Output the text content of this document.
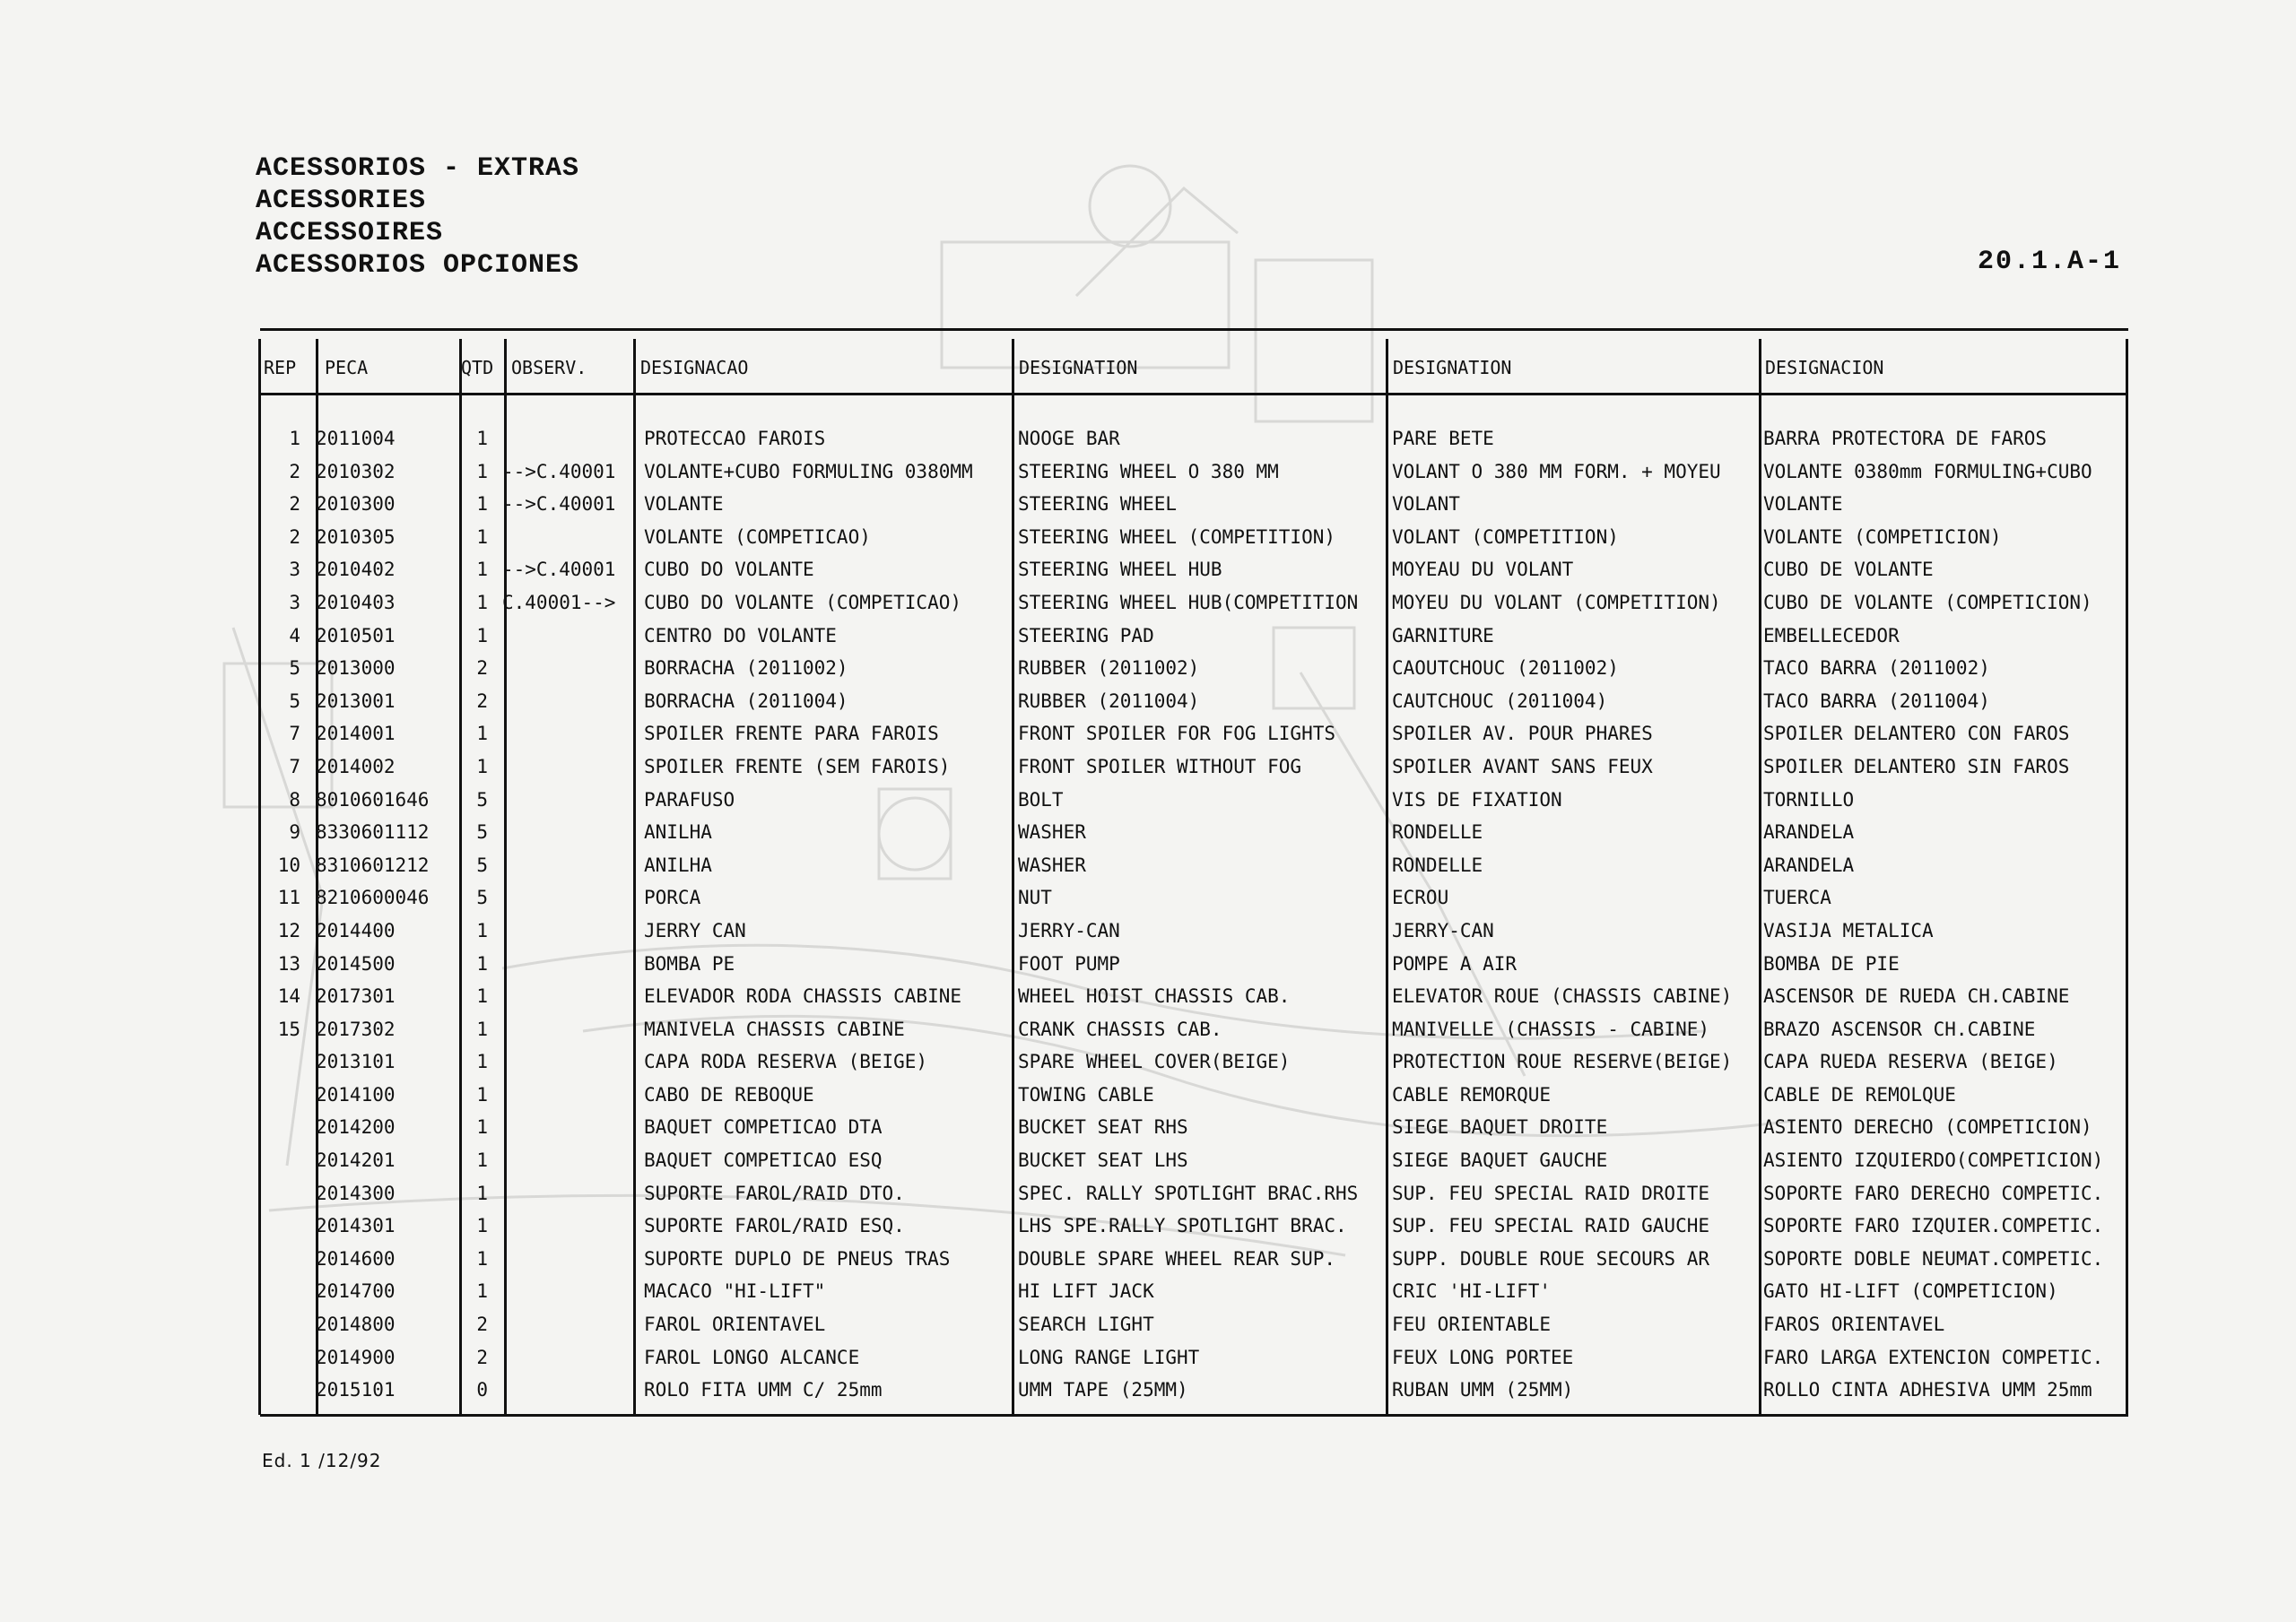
ACESSORIOS - EXTRAS
ACESSORIES
ACCESSOIRES
ACESSORIOS OPCIONES	20.1.A-1
REP PECA	QTD OBSERV.	DESIGNACAO	DESIGNATION	DESIGNATION	DESIGNACION
1 2011004	1	PROTECCAO FAROIS	NOOGE BAR	PARE BETE	BARRA PROTECTORA DE FAROS
2 2010302	1 -->C.40001	VOLANTE+CUBO FORMULING 0380MM	STEERING WHEEL O 380 MM	VOLANT O 380 MM FORM. + MOYEU	VOLANTE 0380mm FORMULING+CUBO
2 2010300	1 -->C.40001	VOLANTE	STEERING WHEEL	VOLANT	VOLANTE
2 2010305	1	VOLANTE (COMPETICAO)	STEERING WHEEL (COMPETITION)	VOLANT (COMPETITION)	VOLANTE (COMPETICION)
3 2010402	1 -->C.40001	CUBO DO VOLANTE	STEERING WHEEL HUB	MOYEAU DU VOLANT	CUBO DE VOLANTE
3 2010403	1 C.40001-->	CUBO DO VOLANTE (COMPETICAO)	STEERING WHEEL HUB(COMPETITION	MOYEU DU VOLANT (COMPETITION)	CUBO DE VOLANTE (COMPETICION)
4 2010501	1	CENTRO DO VOLANTE	STEERING PAD	GARNITURE	EMBELLECEDOR
5 2013000	2	BORRACHA (2011002)	RUBBER (2011002)	CAOUTCHOUC (2011002)	TACO BARRA (2011002)
5 2013001	2	BORRACHA (2011004)	RUBBER (2011004)	CAUTCHOUC (2011004)	TACO BARRA (2011004)
7 2014001	1	SPOILER FRENTE PARA FAROIS	FRONT SPOILER FOR FOG LIGHTS	SPOILER AV. POUR PHARES	SPOILER DELANTERO CON FAROS
7 2014002	1	SPOILER FRENTE (SEM FAROIS)	FRONT SPOILER WITHOUT FOG	SPOILER AVANT SANS FEUX	SPOILER DELANTERO SIN FAROS
8 8010601646	5	PARAFUSO	BOLT	VIS DE FIXATION	TORNILLO
9 8330601112	5	ANILHA	WASHER	RONDELLE	ARANDELA
10 8310601212	5	ANILHA	WASHER	RONDELLE	ARANDELA
11 8210600046	5	PORCA	NUT	ECROU	TUERCA
12 2014400	1	JERRY CAN	JERRY-CAN	JERRY-CAN	VASIJA METALICA
13 2014500	1	BOMBA PE	FOOT PUMP	POMPE A AIR	BOMBA DE PIE
14 2017301	1	ELEVADOR RODA CHASSIS CABINE	WHEEL HOIST CHASSIS CAB.	ELEVATOR ROUE (CHASSIS CABINE)	ASCENSOR DE RUEDA CH.CABINE
15 2017302	1	MANIVELA CHASSIS CABINE	CRANK CHASSIS CAB.	MANIVELLE (CHASSIS - CABINE)	BRAZO ASCENSOR CH.CABINE
2013101	1	CAPA RODA RESERVA (BEIGE)	SPARE WHEEL COVER(BEIGE)	PROTECTION ROUE RESERVE(BEIGE)	CAPA RUEDA RESERVA (BEIGE)
2014100	1	CABO DE REBOQUE	TOWING CABLE	CABLE REMORQUE	CABLE DE REMOLQUE
2014200	1	BAQUET COMPETICAO DTA	BUCKET SEAT RHS	SIEGE BAQUET DROITE	ASIENTO DERECHO (COMPETICION)
2014201	1	BAQUET COMPETICAO ESQ	BUCKET SEAT LHS	SIEGE BAQUET GAUCHE	ASIENTO IZQUIERDO(COMPETICION)
2014300	1	SUPORTE FAROL/RAID DTO.	SPEC. RALLY SPOTLIGHT BRAC.RHS	SUP. FEU SPECIAL RAID DROITE	SOPORTE FARO DERECHO COMPETIC.
2014301	1	SUPORTE FAROL/RAID ESQ.	LHS SPE.RALLY SPOTLIGHT BRAC.	SUP. FEU SPECIAL RAID GAUCHE	SOPORTE FARO IZQUIER.COMPETIC.
2014600	1	SUPORTE DUPLO DE PNEUS TRAS	DOUBLE SPARE WHEEL REAR SUP.	SUPP. DOUBLE ROUE SECOURS AR	SOPORTE DOBLE NEUMAT.COMPETIC.
2014700	1	MACACO "HI-LIFT"	HI LIFT JACK	CRIC 'HI-LIFT'	GATO HI-LIFT (COMPETICION)
2014800	2	FAROL ORIENTAVEL	SEARCH LIGHT	FEU ORIENTABLE	FAROS ORIENTAVEL
2014900	2	FAROL LONGO ALCANCE	LONG RANGE LIGHT	FEUX LONG PORTEE	FARO LARGA EXTENCION COMPETIC.
2015101	0	ROLO FITA UMM C/ 25mm	UMM TAPE (25MM)	RUBAN UMM (25MM)	ROLLO CINTA ADHESIVA UMM 25mm
Ed. 1 /12/92
